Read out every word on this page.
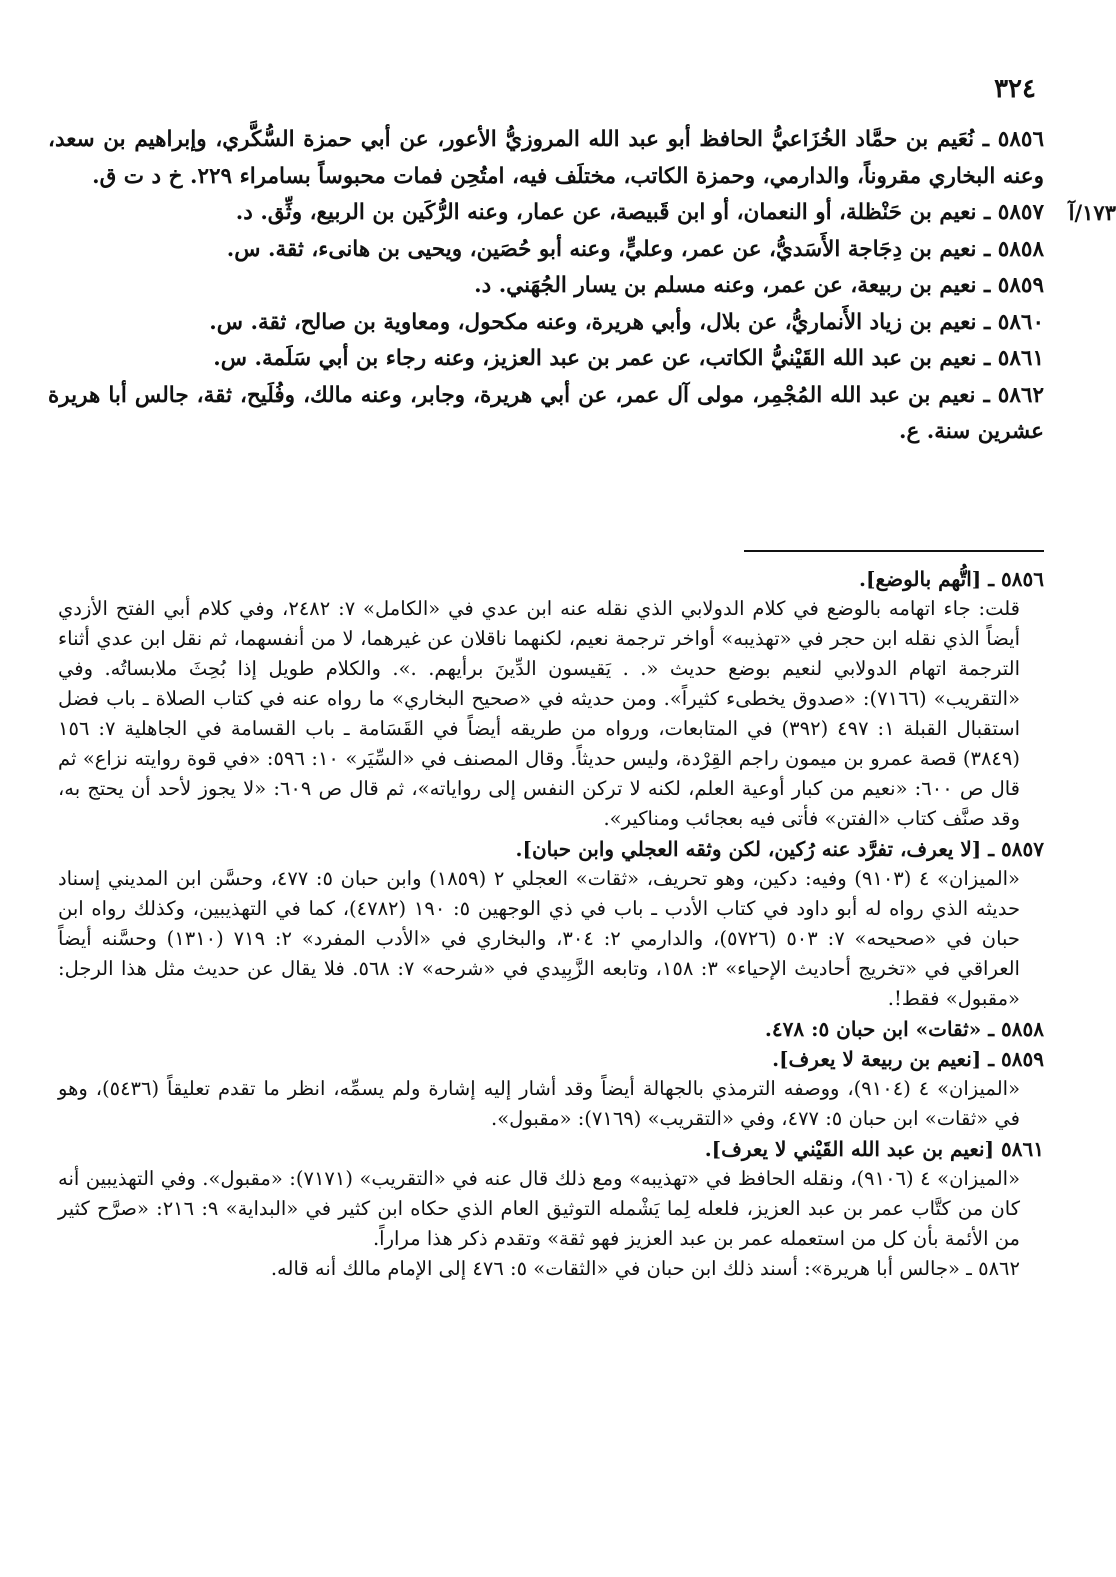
٣٢٤
٥٨٥٦ ـ نُعَيم بن حمَّاد الخُزَاعيُّ الحافظ أبو عبد الله المروزيُّ الأعور، عن أبي حمزة السُّكَّري، وإبراهيم بن سعد، وعنه البخاري مقروناً، والدارمي، وحمزة الكاتب، مختلَف فيه، امتُحِن فمات محبوساً بسامراء ٢٢٩. خ د ت ق.
١٧٣/آ
٥٨٥٧ ـ نعيم بن حَنْظلة، أو النعمان، أو ابن قَبيصة، عن عمار، وعنه الرُّكَين بن الربيع، وثِّق. د.
٥٨٥٨ ـ نعيم بن دِجَاجة الأَسَديُّ، عن عمر، وعليٍّ، وعنه أبو حُصَين، ويحيى بن هانىء، ثقة. س.
٥٨٥٩ ـ نعيم بن ربيعة، عن عمر، وعنه مسلم بن يسار الجُهَني. د.
٥٨٦٠ ـ نعيم بن زياد الأَنماريُّ، عن بلال، وأبي هريرة، وعنه مكحول، ومعاوية بن صالح، ثقة. س.
٥٨٦١ ـ نعيم بن عبد الله القَيْنيُّ الكاتب، عن عمر بن عبد العزيز، وعنه رجاء بن أبي سَلَمة. س.
٥٨٦٢ ـ نعيم بن عبد الله المُجْمِر، مولى آل عمر، عن أبي هريرة، وجابر، وعنه مالك، وفُلَيح، ثقة، جالس أبا هريرة عشرين سنة. ع.
٥٨٥٦ ـ [اتُّهم بالوضع].
قلت: جاء اتهامه بالوضع في كلام الدولابي الذي نقله عنه ابن عدي في «الكامل» ٧: ٢٤٨٢، وفي كلام أبي الفتح الأزدي أيضاً الذي نقله ابن حجر في «تهذيبه» أواخر ترجمة نعيم، لكنهما ناقلان عن غيرهما، لا من أنفسهما، ثم نقل ابن عدي أثناء الترجمة اتهام الدولابي لنعيم بوضع حديث «. . يَقيسون الدِّينَ برأيهم. .». والكلام طويل إذا بُحِثَ ملابساتُه. وفي «التقريب» (٧١٦٦): «صدوق يخطىء كثيراً». ومن حديثه في «صحيح البخاري» ما رواه عنه في كتاب الصلاة ـ باب فضل استقبال القبلة ١: ٤٩٧ (٣٩٢) في المتابعات، ورواه من طريقه أيضاً في القَسَامة ـ باب القسامة في الجاهلية ٧: ١٥٦ (٣٨٤٩) قصة عمرو بن ميمون راجم القِرْدة، وليس حديثاً. وقال المصنف في «السِّيَر» ١٠: ٥٩٦: «في قوة روايته نزاع» ثم قال ص ٦٠٠: «نعيم من كبار أوعية العلم، لكنه لا تركن النفس إلى رواياته»، ثم قال ص ٦٠٩: «لا يجوز لأحد أن يحتج به، وقد صنَّف كتاب «الفتن» فأتى فيه بعجائب ومناكير».
٥٨٥٧ ـ [لا يعرف، تفرَّد عنه رُكين، لكن وثقه العجلي وابن حبان].
«الميزان» ٤ (٩١٠٣) وفيه: دكين، وهو تحريف، «ثقات» العجلي ٢ (١٨٥٩) وابن حبان ٥: ٤٧٧، وحسَّن ابن المديني إسناد حديثه الذي رواه له أبو داود في كتاب الأدب ـ باب في ذي الوجهين ٥: ١٩٠ (٤٧٨٢)، كما في التهذيبين، وكذلك رواه ابن حبان في «صحيحه» ٧: ٥٠٣ (٥٧٢٦)، والدارمي ٢: ٣٠٤، والبخاري في «الأدب المفرد» ٢: ٧١٩ (١٣١٠) وحسَّنه أيضاً العراقي في «تخريج أحاديث الإحياء» ٣: ١٥٨، وتابعه الزَّبِيدي في «شرحه» ٧: ٥٦٨. فلا يقال عن حديث مثل هذا الرجل: «مقبول» فقط!.
٥٨٥٨ ـ «ثقات» ابن حبان ٥: ٤٧٨.
٥٨٥٩ ـ [نعيم بن ربيعة لا يعرف].
«الميزان» ٤ (٩١٠٤)، ووصفه الترمذي بالجهالة أيضاً وقد أشار إليه إشارة ولم يسمِّه، انظر ما تقدم تعليقاً (٥٤٣٦)، وهو في «ثقات» ابن حبان ٥: ٤٧٧، وفي «التقريب» (٧١٦٩): «مقبول».
٥٨٦١ [نعيم بن عبد الله القَيْني لا يعرف].
«الميزان» ٤ (٩١٠٦)، ونقله الحافظ في «تهذيبه» ومع ذلك قال عنه في «التقريب» (٧١٧١): «مقبول». وفي التهذيبين أنه كان من كتَّاب عمر بن عبد العزيز، فلعله لِما يَشْمله التوثيق العام الذي حكاه ابن كثير في «البداية» ٩: ٢١٦: «صرَّح كثير من الأئمة بأن كل من استعمله عمر بن عبد العزيز فهو ثقة» وتقدم ذكر هذا مراراً.
٥٨٦٢ ـ «جالس أبا هريرة»: أسند ذلك ابن حبان في «الثقات» ٥: ٤٧٦ إلى الإمام مالك أنه قاله.
